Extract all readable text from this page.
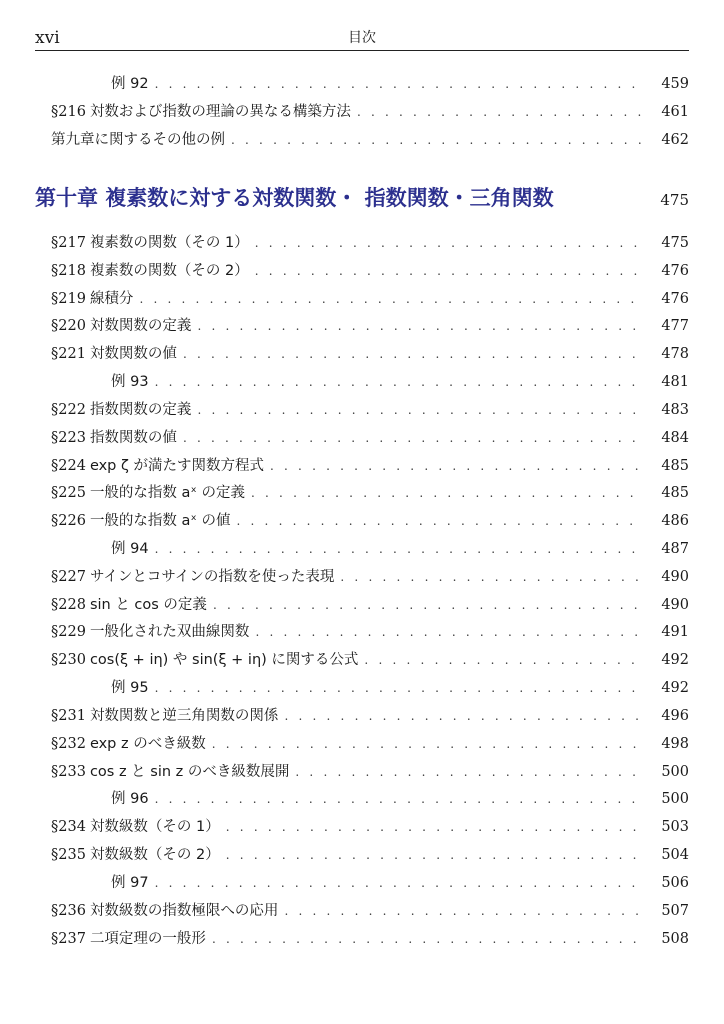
xvi	目次
第十章 複素数に対する対数関数・ 指数関数・三角関数	475
例 92 . . .	459
§216 対数および指数の理論の異なる構築方法 . . .	461
第九章に関するその他の例 . . .	462
§217 複素数の関数（その 1） . . .	475
§218 複素数の関数（その 2） . . .	476
§219 線積分 . . .	476
§220 対数関数の定義 . . .	477
§221 対数関数の値 . . .	478
例 93 . . .	481
§222 指数関数の定義 . . .	483
§223 指数関数の値 . . .	484
§224 exp ζ が満たす関数方程式 . . .	485
§225 一般的な指数 aˣ の定義 . . .	485
§226 一般的な指数 aˣ の値 . . .	486
例 94 . . .	487
§227 サインとコサインの指数を使った表現 . . .	490
§228 sin と cos の定義 . . .	490
§229 一般化された双曲線関数 . . .	491
§230 cos(ξ + iη) や sin(ξ + iη) に関する公式 . . .	492
例 95 . . .	492
§231 対数関数と逆三角関数の関係 . . .	496
§232 exp z のべき級数 . . .	498
§233 cos z と sin z のべき級数展開 . . .	500
例 96 . . .	500
§234 対数級数（その 1） . . .	503
§235 対数級数（その 2） . . .	504
例 97 . . .	506
§236 対数級数の指数極限への応用 . . .	507
§237 二項定理の一般形 . . .	508
